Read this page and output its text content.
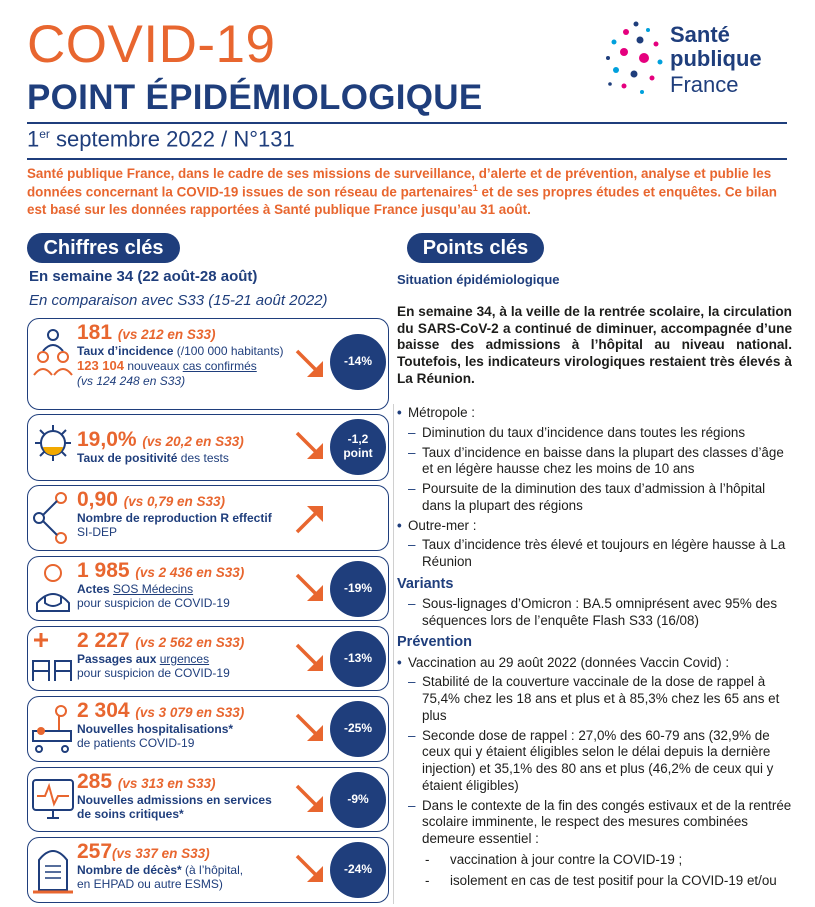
COVID-19
POINT ÉPIDÉMIOLOGIQUE
1er septembre 2022 / N°131
Santé publique France, dans le cadre de ses missions de surveillance, d’alerte et de prévention, analyse et publie les données concernant la COVID-19 issues de son réseau de partenaires$^1$ et de ses propres études et enquêtes. Ce bilan est basé sur les données rapportées à Santé publique France jusqu’au 31 août.
Santé
publique
France
Chiffres clés
En semaine 34 (22 août-28 août)
En comparaison avec S33 (15-21 août 2022)
181 (vs 212 en S33)
Taux d’incidence (/100 000 habitants)
123 104 nouveaux cas confirmés
(vs 124 248 en S33)
-14%
19,0% (vs 20,2 en S33)
Taux de positivité des tests
-1,2
point
0,90 (vs 0,79 en S33)
Nombre de reproduction R effectif
SI-DEP
1 985 (vs 2 436 en S33)
Actes SOS Médecins
pour suspicion de COVID-19
-19%
2 227 (vs 2 562 en S33)
Passages aux urgences
pour suspicion de COVID-19
-13%
2 304 (vs 3 079 en S33)
Nouvelles hospitalisations*
de patients COVID-19
-25%
285 (vs 313 en S33)
Nouvelles admissions en services
de soins critiques*
-9%
257(vs 337 en S33)
Nombre de décès* (à l’hôpital,
en EHPAD ou autre ESMS)
-24%
Points clés
Situation épidémiologique
En semaine 34, à la veille de la rentrée scolaire, la circulation du SARS-CoV-2 a continué de diminuer, accompagnée d’une baisse des admissions à l’hôpital au niveau national. Toutefois, les indicateurs virologiques restaient très élevés à La Réunion.
• Métropole :
– Diminution du taux d’incidence dans toutes les régions
– Taux d’incidence en baisse dans la plupart des classes d’âge et en légère hausse chez les moins de 10 ans
– Poursuite de la diminution des taux d’admission à l’hôpital dans la plupart des régions
• Outre-mer :
– Taux d’incidence très élevé et toujours en légère hausse à La Réunion
Variants
– Sous-lignages d’Omicron : BA.5 omniprésent avec 95% des séquences lors de l’enquête Flash S33 (16/08)
Prévention
• Vaccination au 29 août 2022 (données Vaccin Covid) :
– Stabilité de la couverture vaccinale de la dose de rappel à 75,4% chez les 18 ans et plus et à 85,3% chez les 65 ans et plus
– Seconde dose de rappel : 27,0% des 60-79 ans (32,9% de ceux qui y étaient éligibles selon le délai depuis la dernière injection) et 35,1% des 80 ans et plus (46,2% de ceux qui y étaient éligibles)
– Dans le contexte de la fin des congés estivaux et de la rentrée scolaire imminente, le respect des mesures combinées demeure essentiel :
- vaccination à jour contre la COVID-19 ;
- isolement en cas de test positif pour la COVID-19 et/ou
